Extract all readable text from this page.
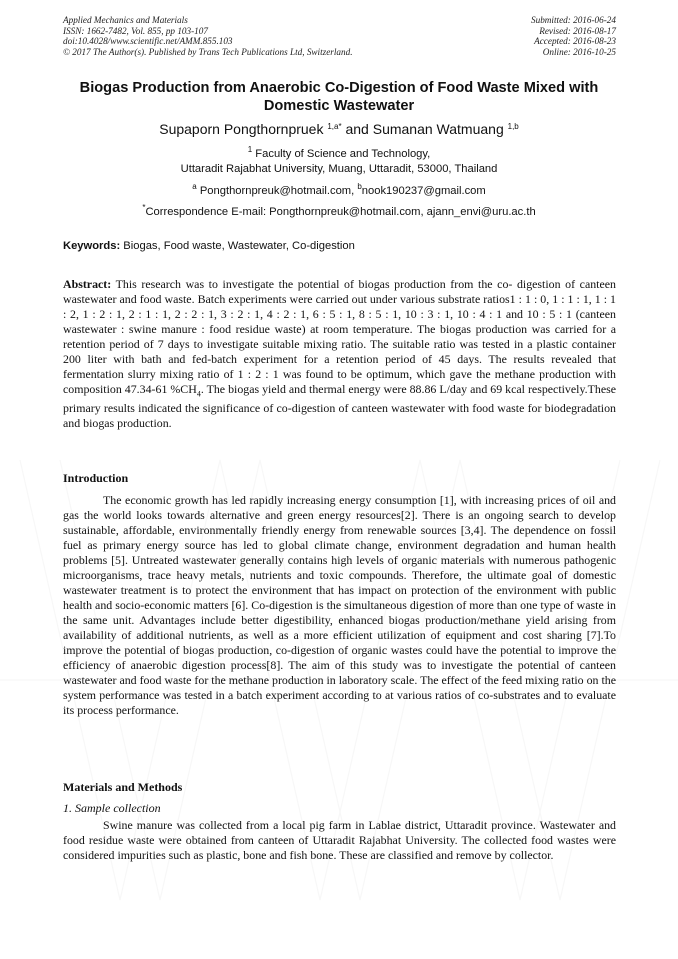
Applied Mechanics and Materials
ISSN: 1662-7482, Vol. 855, pp 103-107
doi:10.4028/www.scientific.net/AMM.855.103
© 2017 The Author(s). Published by Trans Tech Publications Ltd, Switzerland.
Submitted: 2016-06-24
Revised: 2016-08-17
Accepted: 2016-08-23
Online: 2016-10-25
Biogas Production from Anaerobic Co-Digestion of Food Waste Mixed with Domestic Wastewater
Supaporn Pongthornpruek $^{1,a*}$ and Sumanan Watmuang $^{1,b}$
$^1$ Faculty of Science and Technology,
Uttaradit Rajabhat University, Muang, Uttaradit, 53000, Thailand
$^a$ Pongthornpreuk@hotmail.com, $^b$nook190237@gmail.com
*Correspondence E-mail: Pongthornpreuk@hotmail.com, ajann_envi@uru.ac.th
Keywords: Biogas, Food waste, Wastewater, Co-digestion
Abstract: This research was to investigate the potential of biogas production from the co- digestion of canteen wastewater and food waste. Batch experiments were carried out under various substrate ratios1 : 1 : 0, 1 : 1 : 1, 1 : 1 : 2, 1 : 2 : 1, 2 : 1 : 1, 2 : 2 : 1, 3 : 2 : 1, 4 : 2 : 1, 6 : 5 : 1, 8 : 5 : 1, 10 : 3 : 1, 10 : 4 : 1 and 10 : 5 : 1 (canteen wastewater : swine manure : food residue waste) at room temperature. The biogas production was carried for a retention period of 7 days to investigate suitable mixing ratio. The suitable ratio was tested in a plastic container 200 liter with bath and fed-batch experiment for a retention period of 45 days. The results revealed that fermentation slurry mixing ratio of 1 : 2 : 1 was found to be optimum, which gave the methane production with composition 47.34-61 $\%CH_4$. The biogas yield and thermal energy were 88.86 L/day and 69 kcal respectively.These primary results indicated the significance of co-digestion of canteen wastewater with food waste for biodegradation and biogas production.
Introduction
The economic growth has led rapidly increasing energy consumption [1], with increasing prices of oil and gas the world looks towards alternative and green energy resources[2]. There is an ongoing search to develop sustainable, affordable, environmentally friendly energy from renewable sources [3,4]. The dependence on fossil fuel as primary energy source has led to global climate change, environment degradation and human health problems [5]. Untreated wastewater generally contains high levels of organic materials with numerous pathogenic microorganisms, trace heavy metals, nutrients and toxic compounds. Therefore, the ultimate goal of domestic wastewater treatment is to protect the environment that has impact on protection of the environment with public health and socio-economic matters [6]. Co-digestion is the simultaneous digestion of more than one type of waste in the same unit. Advantages include better digestibility, enhanced biogas production/methane yield arising from availability of additional nutrients, as well as a more efficient utilization of equipment and cost sharing [7].To improve the potential of biogas production, co-digestion of organic wastes could have the potential to improve the efficiency of anaerobic digestion process[8]. The aim of this study was to investigate the potential of canteen wastewater and food waste for the methane production in laboratory scale. The effect of the feed mixing ratio on the system performance was tested in a batch experiment according to at various ratios of co-substrates and to evaluate its process performance.
Materials and Methods
1. Sample collection
Swine manure was collected from a local pig farm in Lablae district, Uttaradit province. Wastewater and food residue waste were obtained from canteen of Uttaradit Rajabhat University. The collected food wastes were considered impurities such as plastic, bone and fish bone. These are classified and remove by collector.
